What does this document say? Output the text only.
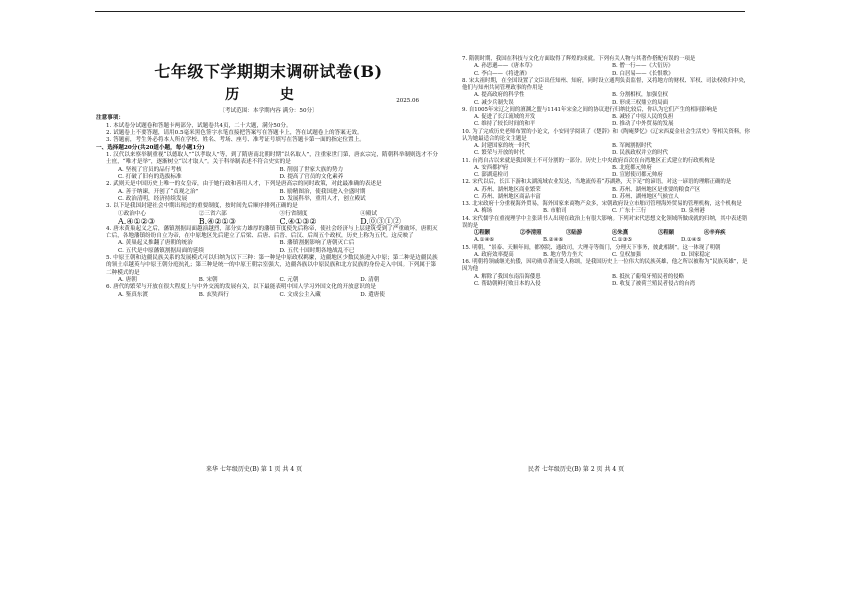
七年级下学期期末调研试卷(B)
历 史	2025.06
〔考试范围：本学期内容 满分：50分〕
注意事项：
1. 本试卷分试题卷和答题卡两部分，试题卷共4页，二十大题，满分50分。
2. 试题卷上不要答题，请用0.5毫米黑色签字水笔直接把答案写在答题卡上，答在试题卷上的答案无效。
3. 答题前，考生务必将本人所在学校、姓名、考场、座号、准考证号填写在答题卡第一面的指定位置上。
一、选择题20分(共20道小题，每小题1分)
1. 汉代以来察举制重视“以德取人”“以孝取人”等，到了隋唐南北朝时期“以名取人”，注重家世门第，唐玄宗完，隋朝科举制则选才不分士庶，“唯才是举”，逐渐树立“以才取人”。关于科举制表述不符合史实的是
A. 坚视了官员的品行考核	B. 削弱了世家大族的势力
C. 打破了旧有的选拔标准	D. 提高了官员的文化素养
2. 武则天是中国历史上唯一的女皇帝，由于她行政和善用人才，下列是唐高宗的同时政策，对此最准确的表述是
A. 善于纳谏，开创了“贞观之治”	B. 励精图治，使我国进入全盛时期
C. 政治清明，经济持续发展	D. 发展科举，重用人才，创立殿试
3. 以下是我国封建社会中期出现过的重要制度，按时间先后顺序排列正确的是
①政治中心	②三省六部	③行省制度	④殿试
A.④①②③	B.④②①③	C.④①③②	D.⓪③①②
4. 唐末黄巢起义之后，藩镇割据局面越演越烈，部分实力雄厚的藩镇节度使先后称帝，使社会经济与上层建筑受到了严重破坏，唐朝灭亡后，各地藩镇纷纷自立为帝，在中原地区先后建立了后梁、后唐、后晋、后汉、后周五个政权，历史上称为五代。这反映了
A. 黄巢起义推翻了唐朝的统治	B. 藩镇割据影响了唐朝灭亡后
C. 五代是中原藩镇割据局面的延续	D. 五代十国时期各地战乱不已
5. 中原王朝和边疆民族关系的发展模式可以归纳为以下三种：第一种是中原政权羁縻，边疆地区少数民族进入中原；第二种是边疆民族的领土卓越英与中原王朝分庭抗礼；第三种是统一的中原王朝宗室强大，边疆各族以中原民族和北方民族的身份走入中国。下列属于第二种模式的是
A. 唐朝	B. 宋朝	C. 元朝	D. 清朝
6. 唐代的繁荣与开放在很大程度上与中外交流的发展有关，以下最能表明中国人学习外国文化的开放意识的是
A. 鉴真东渡	B. 玄奘西行	C. 文成公主入藏	D. 遣唐使
7. 隋朝时期，我国在科技与文化方面取得了辉煌的成就。下列有关人物与其著作搭配有误的一项是
A. 孙思邈——《唐本草》	B. 僧一行——《大衍历》
C. 李白——《将进酒》	D. 白居易——《长恨歌》
8. 宋太祖时期，在全国设置了文臣出任知州、知府，同时设立通判负责监督，又将地方的财权、军权、司法权收归中央，他们与知州共同管理政事的作用是
A. 提高政府的科学性	B. 分割相权，加强皇权
C. 减少兵制失误	D. 形成三权鼎立的局面
9. 自1005年宋辽之间的澶渊之盟与1141年宋金之间的协议进行归纳比较后，你认为它们产生的相同影响是
A. 促进了长江流域的开发	B. 减轻了中原人民的负担
C. 维持了较长时间的和平	D. 推动了中外贸易的发展
10. 为了完成历史老师布置的小论文，小安同学阅读了《楚辞》和《陶庵梦忆》《辽宋西夏金社会生活史》等相关资料，你认为她最适合的论文主题是
A. 封建国家的统一时代	B. 军阀割据时代
C. 繁荣与开放的时代	D. 民族政权并立的时代
11. 台湾自古以来就是我国领土不可分割的一部分。历史上中央政府首次在台湾地区正式建立的行政机构是
A. 安西都护府	B. 北庭都元帅府
C. 澎湖巡检司	D. 宣慰使司都元帅府
12. 宋代以后，长江下游和太湖流域农业发达，当地流传着“苏湖熟，天下足”的谚语，对这一谚语的理解正确的是
A. 苏州、湖州地区商业繁荣	B. 苏州、湖州地区是重要的粮食产区
C. 苏州、湖州地区商品丰富	D. 苏州、湖州地区气候宜人
13. 北宋政府十分重视海外贸易，海外国家来商物产众多，宋朝政府设立市舶司管理海外贸易的管理机构，这个机构是
A. 梅场	B. 市舶司	C. 广东十三行	D. 泉州港
14. 宋代儒学在重视理学中主张读书人出现在政治上有很大影响。下列对宋代思想文化领域所做成就的归纳，其中表述错误的是
①程颢	②李清照	③陆游	④朱熹	⑤程颐	⑥辛弃疾
A.①④⑥	B.②④⑥	C.①③⑤	D.①④⑤
15. 明朝，“景泰、天顺年间，都察院、通政司，大理寺等衙门，分理天下事务，彼此相制”。这一体现了明朝
A. 政府效率提高	B. 地方势力坐大	C. 皇权加强	D. 国家稳定
16. 明朝将领戚继光抗倭，因功勋卓著而受人称颂，是我国历史上一位伟大的民族英雄，他之所以被称为“民族英雄”，是因为他
A. 解除了我国东南沿海倭患	B. 抵抗了葡萄牙殖民者的侵略
C. 帮助朝鲜打败日本的入侵	D. 收复了被荷兰殖民者侵占的台湾
来华 七年级历史(B) 第 1 页 共 4 页	民者 七年级历史(B) 第 2 页 共 4 页
